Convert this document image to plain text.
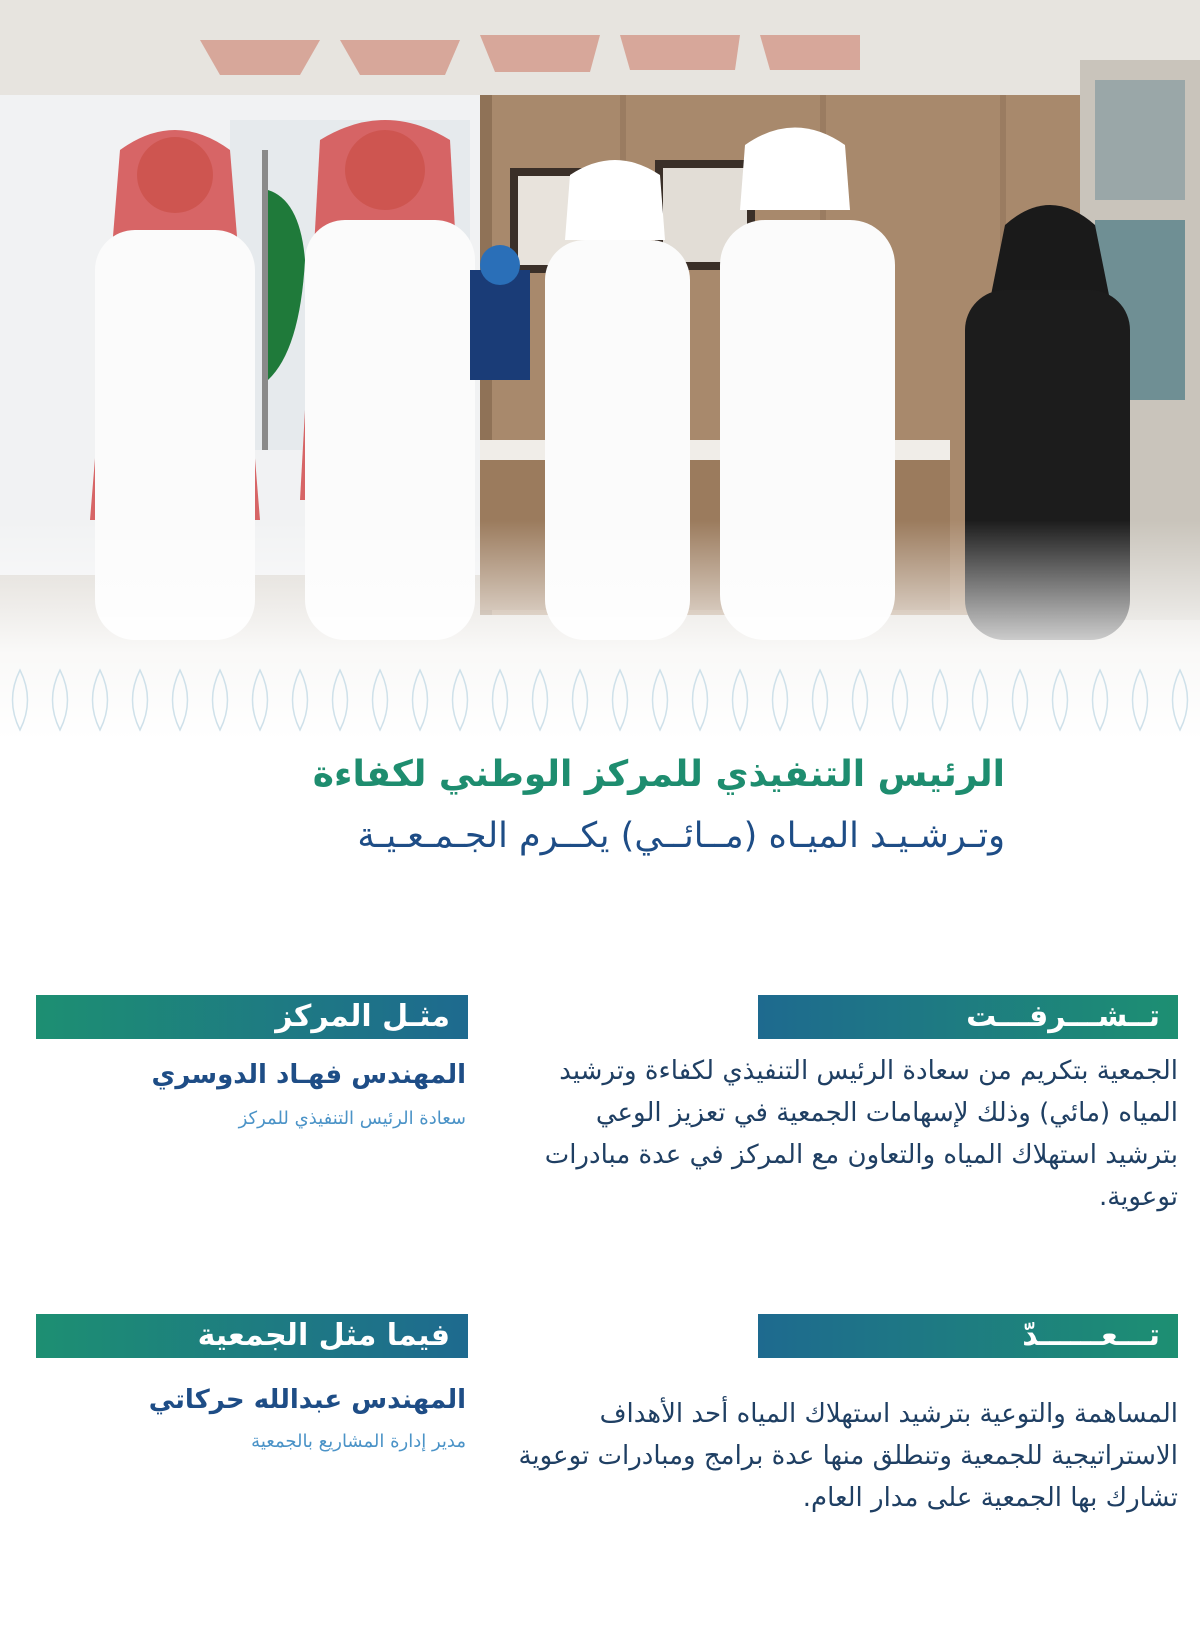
الرئيس التنفيذي للمركز الوطني لكفاءة

وتـرشـيـد الميـاه (مــائــي) يكــرم الجـمـعـيـة

تــشـــرفـــت

الجمعية بتكريم من سعادة الرئيس التنفيذي لكفاءة وترشيد المياه (مائي) وذلك لإسهامات الجمعية في تعزيز الوعي بترشيد استهلاك المياه والتعاون مع المركز في عدة مبادرات توعوية.

تـــعــــــدّ

المساهمة والتوعية بترشيد استهلاك المياه أحد الأهداف الاستراتيجية للجمعية وتنطلق منها عدة برامج ومبادرات توعوية تشارك بها الجمعية على مدار العام.

مثـل المركز

المهندس فهـاد الدوسري

سعادة الرئيس التنفيذي للمركز

فيما مثل الجمعية

المهندس عبدالله حركاتي

مدير إدارة المشاريع بالجمعية
